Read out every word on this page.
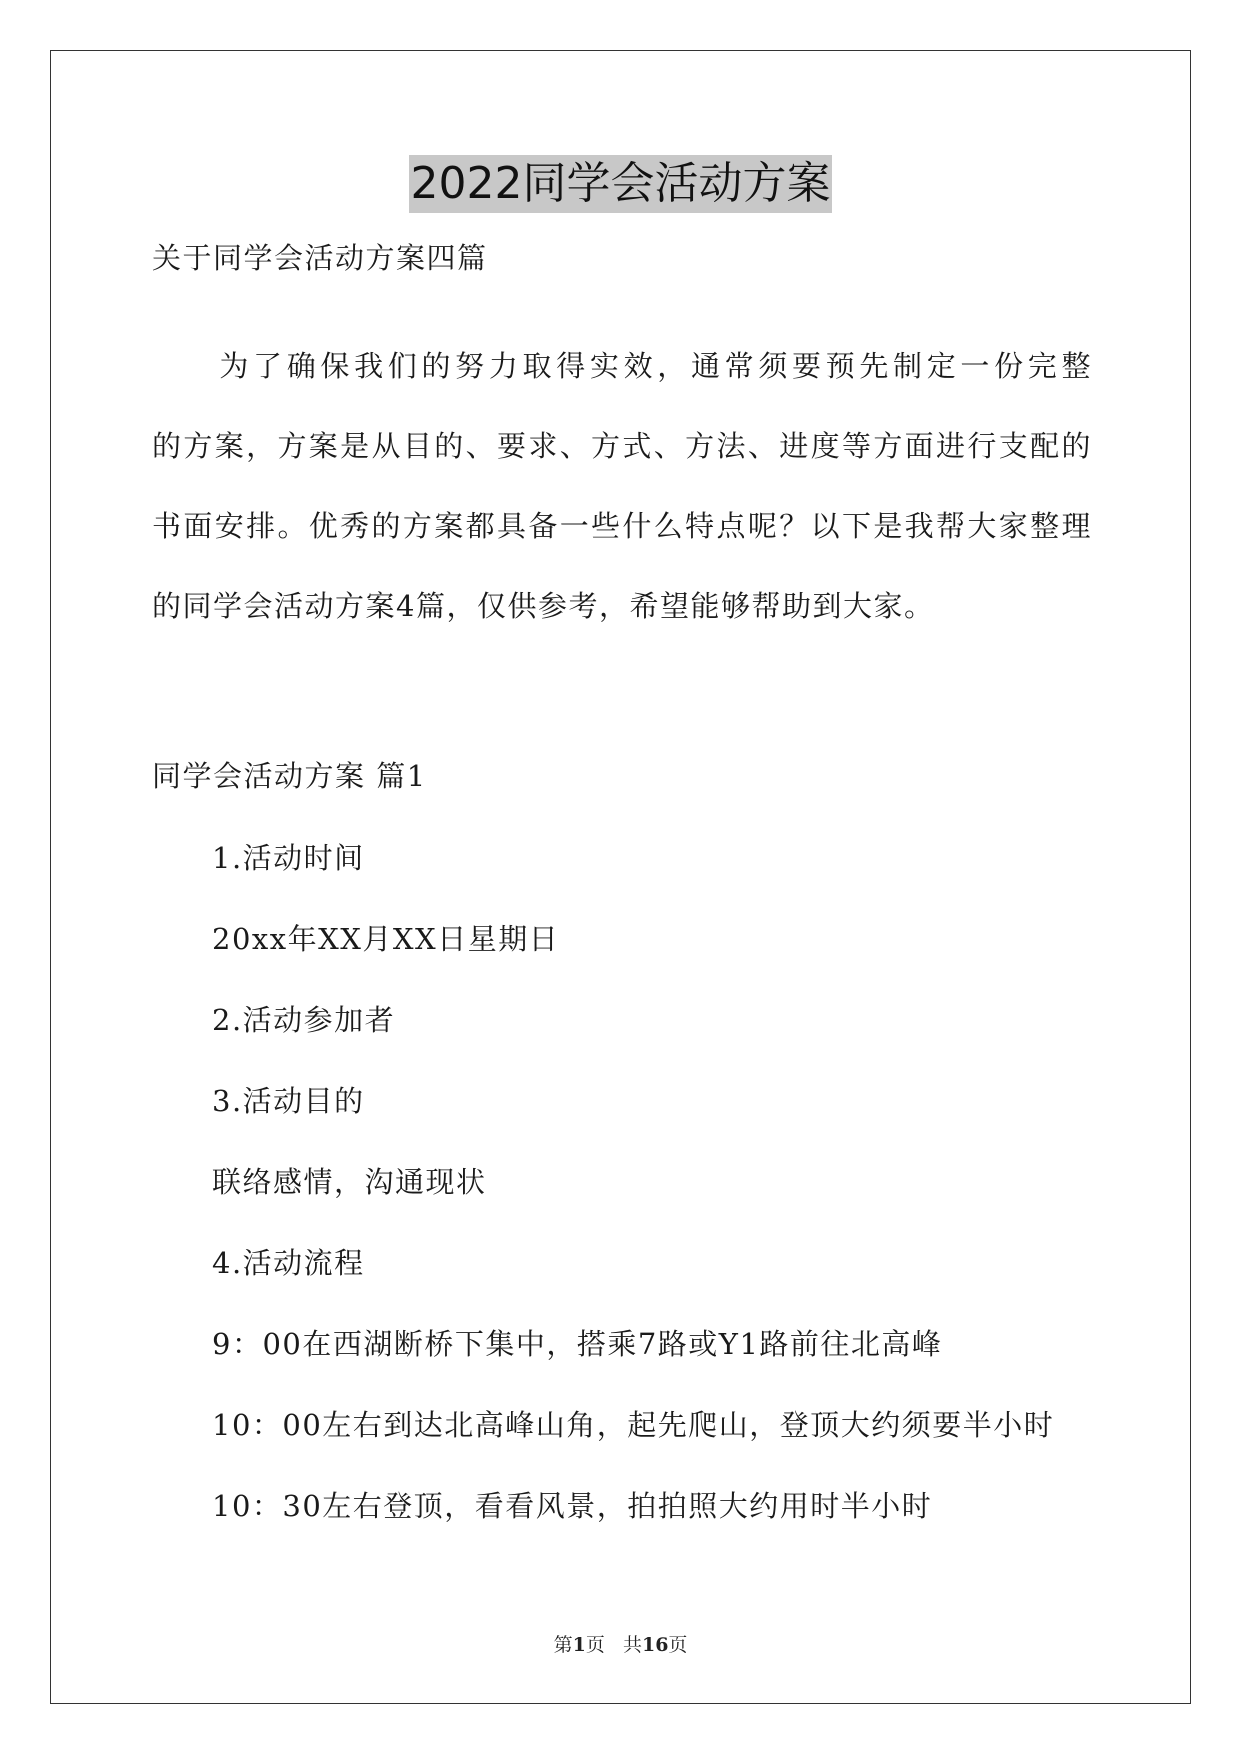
2022同学会活动方案
关于同学会活动方案四篇
　　为了确保我们的努力取得实效，通常须要预先制定一份完整
的方案，方案是从目的、要求、方式、方法、进度等方面进行支配的
书面安排。优秀的方案都具备一些什么特点呢？以下是我帮大家整理
的同学会活动方案4篇，仅供参考，希望能够帮助到大家。
同学会活动方案 篇1
1.活动时间
20xx年XX月XX日星期日
2.活动参加者
3.活动目的
联络感情，沟通现状
4.活动流程
9：00在西湖断桥下集中，搭乘7路或Y1路前往北高峰
10：00左右到达北高峰山角，起先爬山，登顶大约须要半小时
10：30左右登顶，看看风景，拍拍照大约用时半小时
第1页 共16页
